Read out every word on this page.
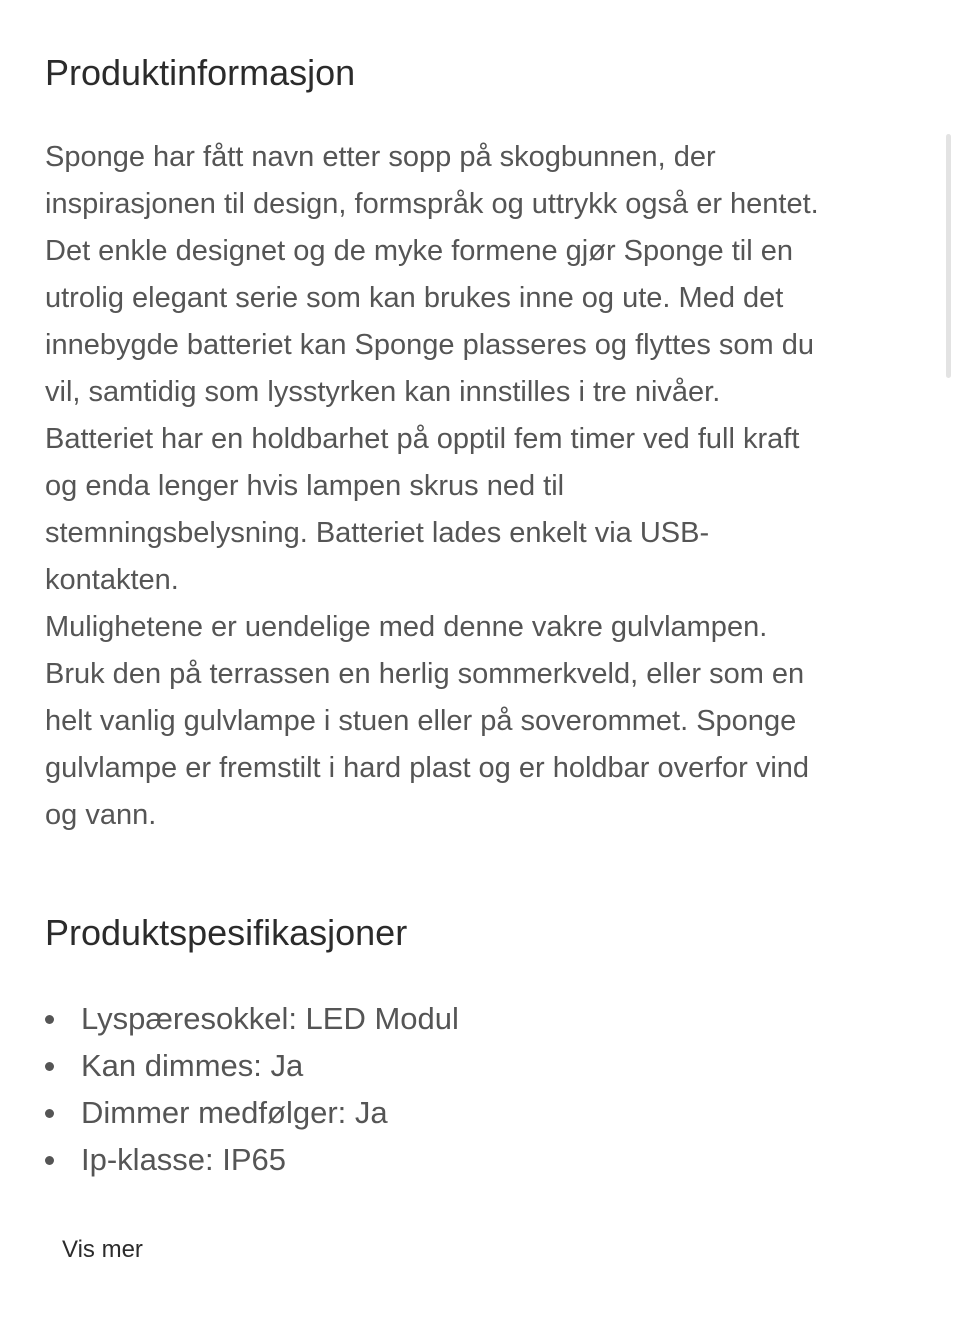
Produktinformasjon

Sponge har fått navn etter sopp på skogbunnen, der
inspirasjonen til design, formspråk og uttrykk også er hentet.
Det enkle designet og de myke formene gjør Sponge til en
utrolig elegant serie som kan brukes inne og ute. Med det
innebygde batteriet kan Sponge plasseres og flyttes som du
vil, samtidig som lysstyrken kan innstilles i tre nivåer.
Batteriet har en holdbarhet på opptil fem timer ved full kraft
og enda lenger hvis lampen skrus ned til
stemningsbelysning. Batteriet lades enkelt via USB-
kontakten.
Mulighetene er uendelige med denne vakre gulvlampen.
Bruk den på terrassen en herlig sommerkveld, eller som en
helt vanlig gulvlampe i stuen eller på soverommet. Sponge
gulvlampe er fremstilt i hard plast og er holdbar overfor vind
og vann.

Produktspesifikasjoner
Lyspæresokkel: LED Modul
Kan dimmes: Ja
Dimmer medfølger: Ja
Ip-klasse: IP65
Vis mer
